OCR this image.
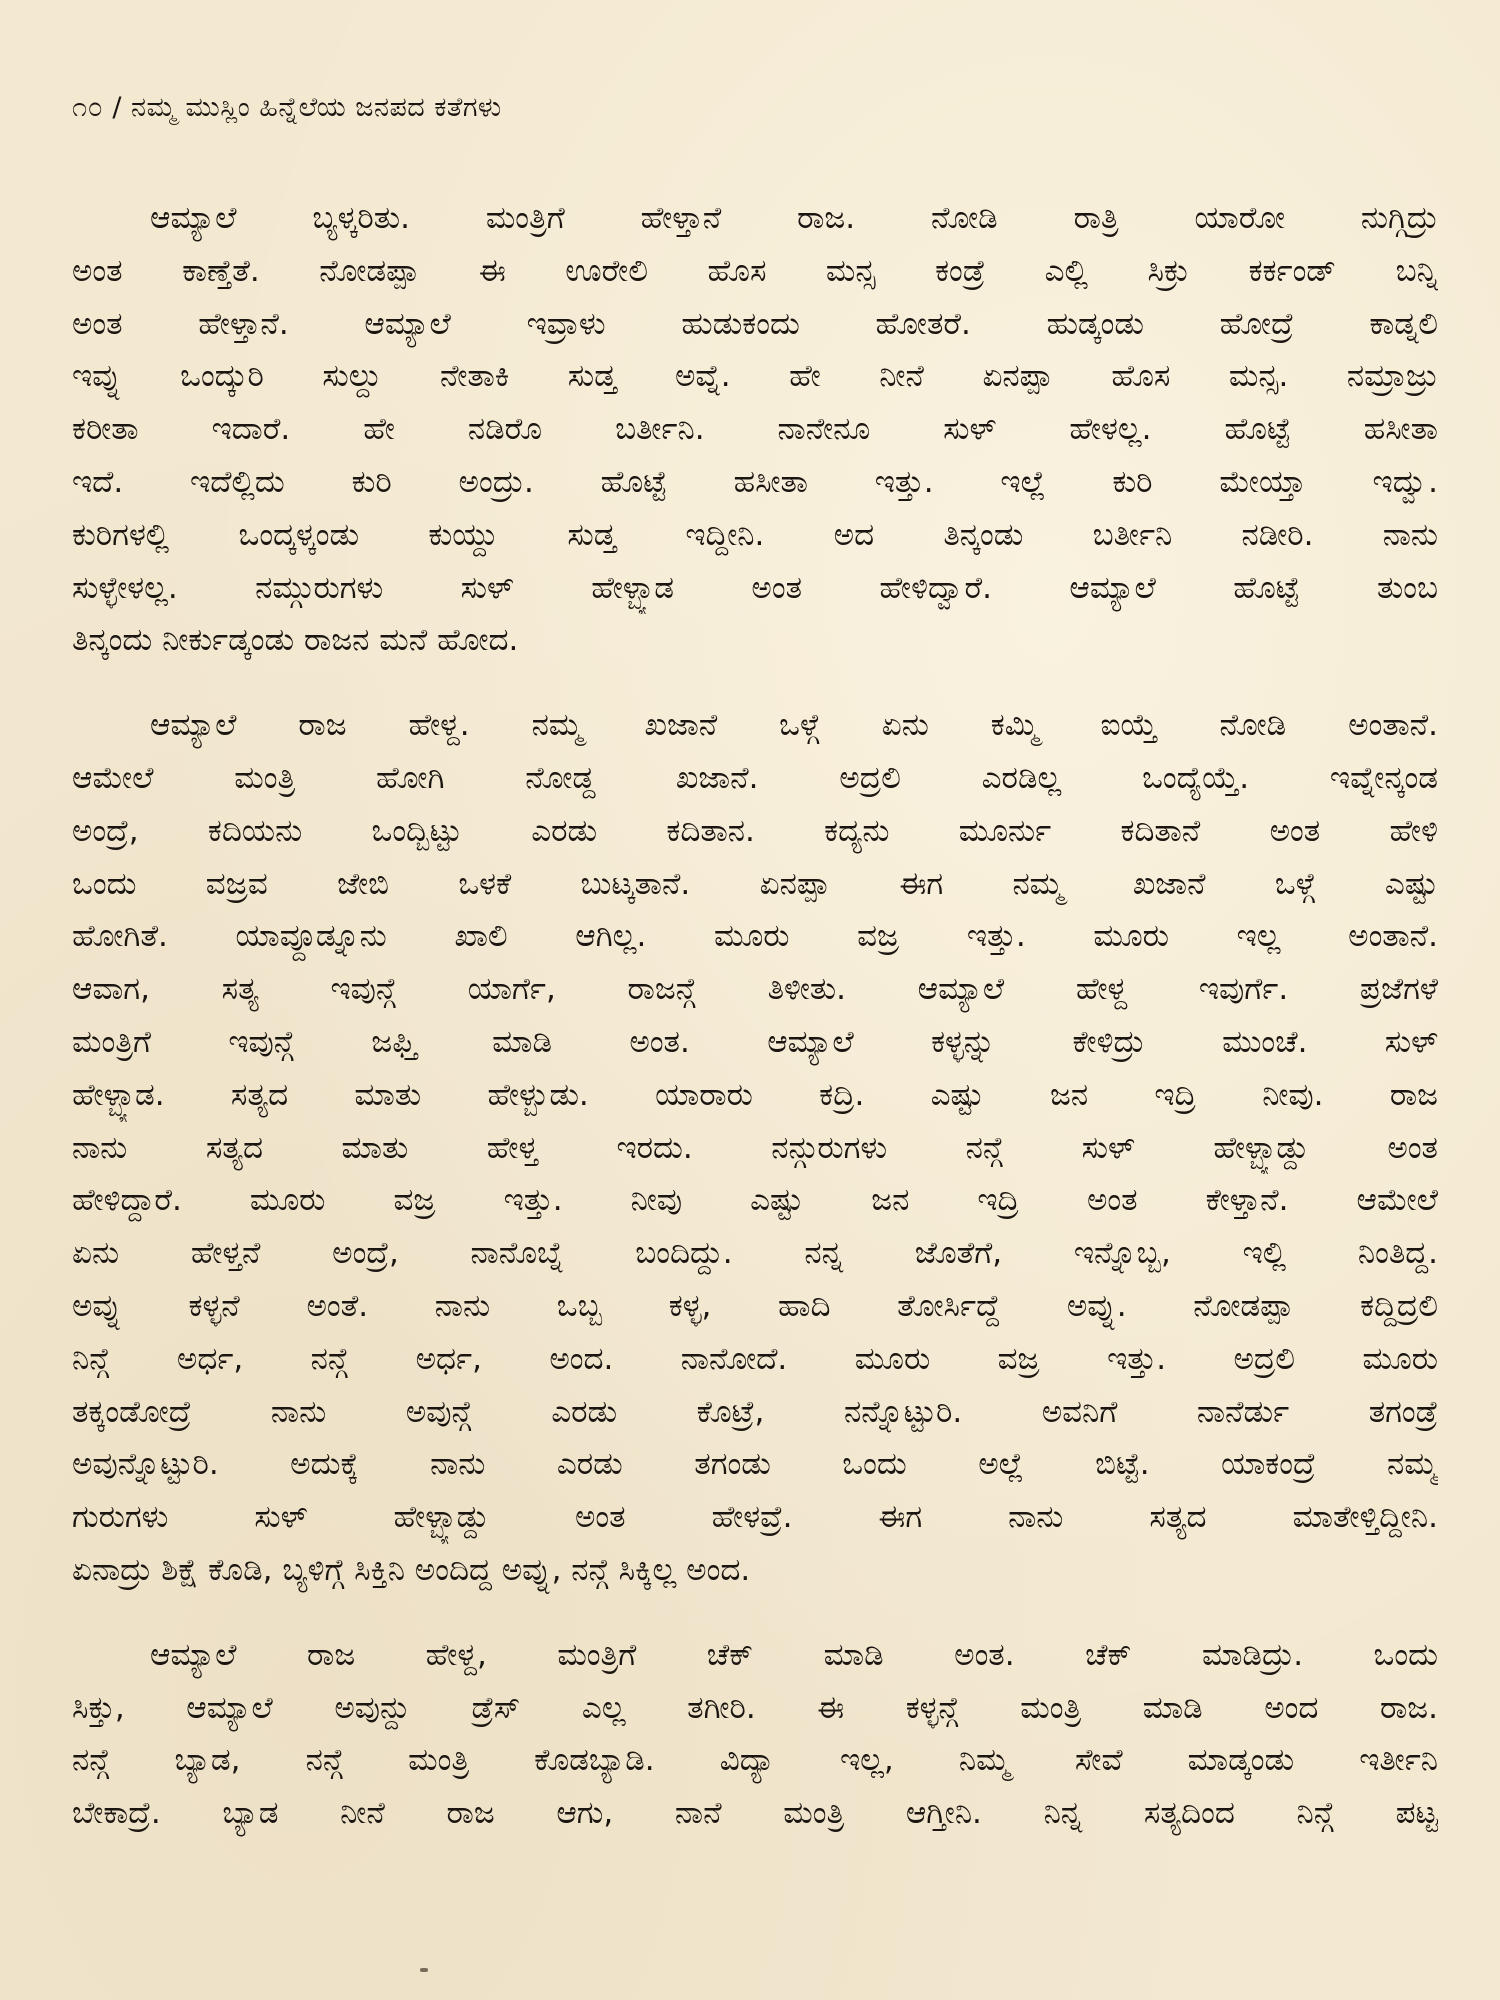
೧೦ / ನಮ್ಮ ಮುಸ್ಲಿಂ ಹಿನ್ನೆಲೆಯ ಜನಪದ ಕತೆಗಳು
ಆಮ್ಯಾಲೆ ಬ್ಯಳ್ಕರಿತು. ಮಂತ್ರಿಗೆ ಹೇಳ್ತಾನೆ ರಾಜ. ನೋಡಿ ರಾತ್ರಿ ಯಾರೋ ನುಗ್ಗಿದ್ರು
ಅಂತ ಕಾಣ್ತೆತೆ. ನೋಡಪ್ಪಾ ಈ ಊರೇಲಿ ಹೊಸ ಮನ್ಸ ಕಂಡ್ರೆ ಎಲ್ಲಿ ಸಿಕ್ರು ಕರ್ಕಂಡ್ ಬನ್ನಿ
ಅಂತ ಹೇಳ್ತಾನೆ. ಆಮ್ಯಾಲೆ ಇವ್ರಾಳು ಹುಡುಕಂದು ಹೋತರೆ. ಹುಡ್ಕಂಡು ಹೋದ್ರೆ ಕಾಡ್ನಲಿ
ಇವ್ನು ಒಂದ್ಕುರಿ ಸುಲ್ದು ನೇತಾಕಿ ಸುಡ್ತ ಅವ್ನೆ. ಹೇ ನೀನೆ ಏನಪ್ಪಾ ಹೊಸ ಮನ್ಸ. ನಮ್ರಾಜ್ರು
ಕರೀತಾ ಇದಾರೆ. ಹೇ ನಡಿರೊ ಬರ್ತೀನಿ. ನಾನೇನೂ ಸುಳ್ ಹೇಳಲ್ಲ. ಹೊಟ್ಟೆ ಹಸೀತಾ
ಇದೆ. ಇದೆಲ್ಲಿದು ಕುರಿ ಅಂದ್ರು. ಹೊಟ್ಟೆ ಹಸೀತಾ ಇತ್ತು. ಇಲ್ಲೆ ಕುರಿ ಮೇಯ್ತಾ ಇದ್ವು.
ಕುರಿಗಳಲ್ಲಿ ಒಂದ್ಕಳ್ಕಂಡು ಕುಯ್ದು ಸುಡ್ತ ಇದ್ದೀನಿ. ಅದ ತಿನ್ಕಂಡು ಬರ್ತೀನಿ ನಡೀರಿ. ನಾನು
ಸುಳ್ಳೇಳಲ್ಲ. ನಮ್ಗುರುಗಳು ಸುಳ್ ಹೇಳ್ಬ್ಯಾಡ ಅಂತ ಹೇಳಿದ್ವಾರೆ. ಆಮ್ಯಾಲೆ ಹೊಟ್ಟೆ ತುಂಬ
ತಿನ್ಕಂದು ನೀರ್ಕುಡ್ಕಂಡು ರಾಜನ ಮನೆ ಹೋದ.
ಆಮ್ಯಾಲೆ ರಾಜ ಹೇಳ್ದ. ನಮ್ಮ ಖಜಾನೆ ಒಳ್ಗೆ ಏನು ಕಮ್ಮಿ ಐಯ್ತೆ ನೋಡಿ ಅಂತಾನೆ.
ಆಮೇಲೆ ಮಂತ್ರಿ ಹೋಗಿ ನೋಡ್ದ ಖಜಾನೆ. ಅದ್ರಲಿ ಎರಡಿಲ್ಲ ಒಂದ್ಯೆಯ್ತೆ. ಇವ್ನೇನ್ಕಂಡ
ಅಂದ್ರೆ, ಕದಿಯನು ಒಂದ್ಬಿಟ್ಟು ಎರಡು ಕದಿತಾನ. ಕದ್ಯನು ಮೂರ್ನು ಕದಿತಾನೆ ಅಂತ ಹೇಳಿ
ಒಂದು ವಜ್ರವ ಜೇಬಿ ಒಳಕೆ ಬುಟ್ಕತಾನೆ. ಏನಪ್ಪಾ ಈಗ ನಮ್ಮ ಖಜಾನೆ ಒಳ್ಗೆ ಎಷ್ಟು
ಹೋಗಿತೆ. ಯಾವ್ದೂಡ್ನೂನು ಖಾಲಿ ಆಗಿಲ್ಲ. ಮೂರು ವಜ್ರ ಇತ್ತು. ಮೂರು ಇಲ್ಲ ಅಂತಾನೆ.
ಆವಾಗ, ಸತ್ಯ ಇವುನ್ಗೆ ಯಾರ್ಗೆ, ರಾಜನ್ಗೆ ತಿಳೀತು. ಆಮ್ಯಾಲೆ ಹೇಳ್ದ ಇವುರ್ಗೆ. ಪ್ರಜೆಗಳೆ
ಮಂತ್ರಿಗೆ ಇವುನ್ಗೆ ಜಫ್ತಿ ಮಾಡಿ ಅಂತ. ಆಮ್ಯಾಲೆ ಕಳ್ಳನ್ನು ಕೇಳಿದ್ರು ಮುಂಚೆ. ಸುಳ್
ಹೇಳ್ಬ್ಯಾಡ. ಸತ್ಯದ ಮಾತು ಹೇಳ್ಬುಡು. ಯಾರಾರು ಕದ್ರಿ. ಎಷ್ಟು ಜನ ಇದ್ರಿ ನೀವು. ರಾಜ
ನಾನು ಸತ್ಯದ ಮಾತು ಹೇಳ್ತ ಇರದು. ನನ್ಗುರುಗಳು ನನ್ಗೆ ಸುಳ್ ಹೇಳ್ಬ್ಯಾಡ್ದು ಅಂತ
ಹೇಳಿದ್ದಾರೆ. ಮೂರು ವಜ್ರ ಇತ್ತು. ನೀವು ಎಷ್ಟು ಜನ ಇದ್ರಿ ಅಂತ ಕೇಳ್ತಾನೆ. ಆಮೇಲೆ
ಏನು ಹೇಳ್ತನೆ ಅಂದ್ರೆ, ನಾನೊಬ್ನೆ ಬಂದಿದ್ದು. ನನ್ನ ಜೊತೆಗೆ, ಇನ್ನೊಬ್ಬ, ಇಲ್ಲಿ ನಿಂತಿದ್ದ.
ಅವ್ನು ಕಳ್ಳನೆ ಅಂತೆ. ನಾನು ಒಬ್ಬ ಕಳ್ಳ, ಹಾದಿ ತೋರ್ಸಿದ್ದೆ ಅವ್ನು. ನೋಡಪ್ಪಾ ಕದ್ದಿದ್ರಲಿ
ನಿನ್ಗೆ ಅರ್ಧ, ನನ್ಗೆ ಅರ್ಧ, ಅಂದ. ನಾನೋದೆ. ಮೂರು ವಜ್ರ ಇತ್ತು. ಅದ್ರಲಿ ಮೂರು
ತಕ್ಕಂಡೋದ್ರೆ ನಾನು ಅವುನ್ಗೆ ಎರಡು ಕೊಟ್ರೆ, ನನ್ನೊಟ್ಟುರಿ. ಅವನಿಗೆ ನಾನೆರ್ಡು ತಗಂಡ್ರೆ
ಅವುನ್ನೊಟ್ಟುರಿ. ಅದುಕ್ಕೆ ನಾನು ಎರಡು ತಗಂಡು ಒಂದು ಅಲ್ಲೆ ಬಿಟ್ಟೆ. ಯಾಕಂದ್ರೆ ನಮ್ಮ
ಗುರುಗಳು ಸುಳ್ ಹೇಳ್ಬ್ಯಾಡ್ದು ಅಂತ ಹೇಳವ್ರೆ. ಈಗ ನಾನು ಸತ್ಯದ ಮಾತೇಳ್ತಿದ್ದೀನಿ.
ಏನಾದ್ರು ಶಿಕ್ಷೆ ಕೊಡಿ, ಬ್ಯಳಿಗ್ಗೆ ಸಿಕ್ತಿನಿ ಅಂದಿದ್ದ ಅವ್ನು, ನನ್ಗೆ ಸಿಕ್ಕಿಲ್ಲ ಅಂದ.
ಆಮ್ಯಾಲೆ ರಾಜ ಹೇಳ್ದ, ಮಂತ್ರಿಗೆ ಚೆಕ್ ಮಾಡಿ ಅಂತ. ಚೆಕ್ ಮಾಡಿದ್ರು. ಒಂದು
ಸಿಕ್ತು, ಆಮ್ಯಾಲೆ ಅವುನ್ದು ಡ್ರೆಸ್ ಎಲ್ಲ ತಗೀರಿ. ಈ ಕಳ್ಳನ್ಗೆ ಮಂತ್ರಿ ಮಾಡಿ ಅಂದ ರಾಜ.
ನನ್ಗೆ ಬ್ಯಾಡ, ನನ್ಗೆ ಮಂತ್ರಿ ಕೊಡಬ್ಯಾಡಿ. ವಿದ್ಯಾ ಇಲ್ಲ, ನಿಮ್ಮ ಸೇವೆ ಮಾಡ್ಕಂಡು ಇರ್ತೀನಿ
ಬೇಕಾದ್ರೆ. ಬ್ಯಾಡ ನೀನೆ ರಾಜ ಆಗು, ನಾನೆ ಮಂತ್ರಿ ಆಗ್ತೀನಿ. ನಿನ್ನ ಸತ್ಯದಿಂದ ನಿನ್ಗೆ ಪಟ್ಟ
